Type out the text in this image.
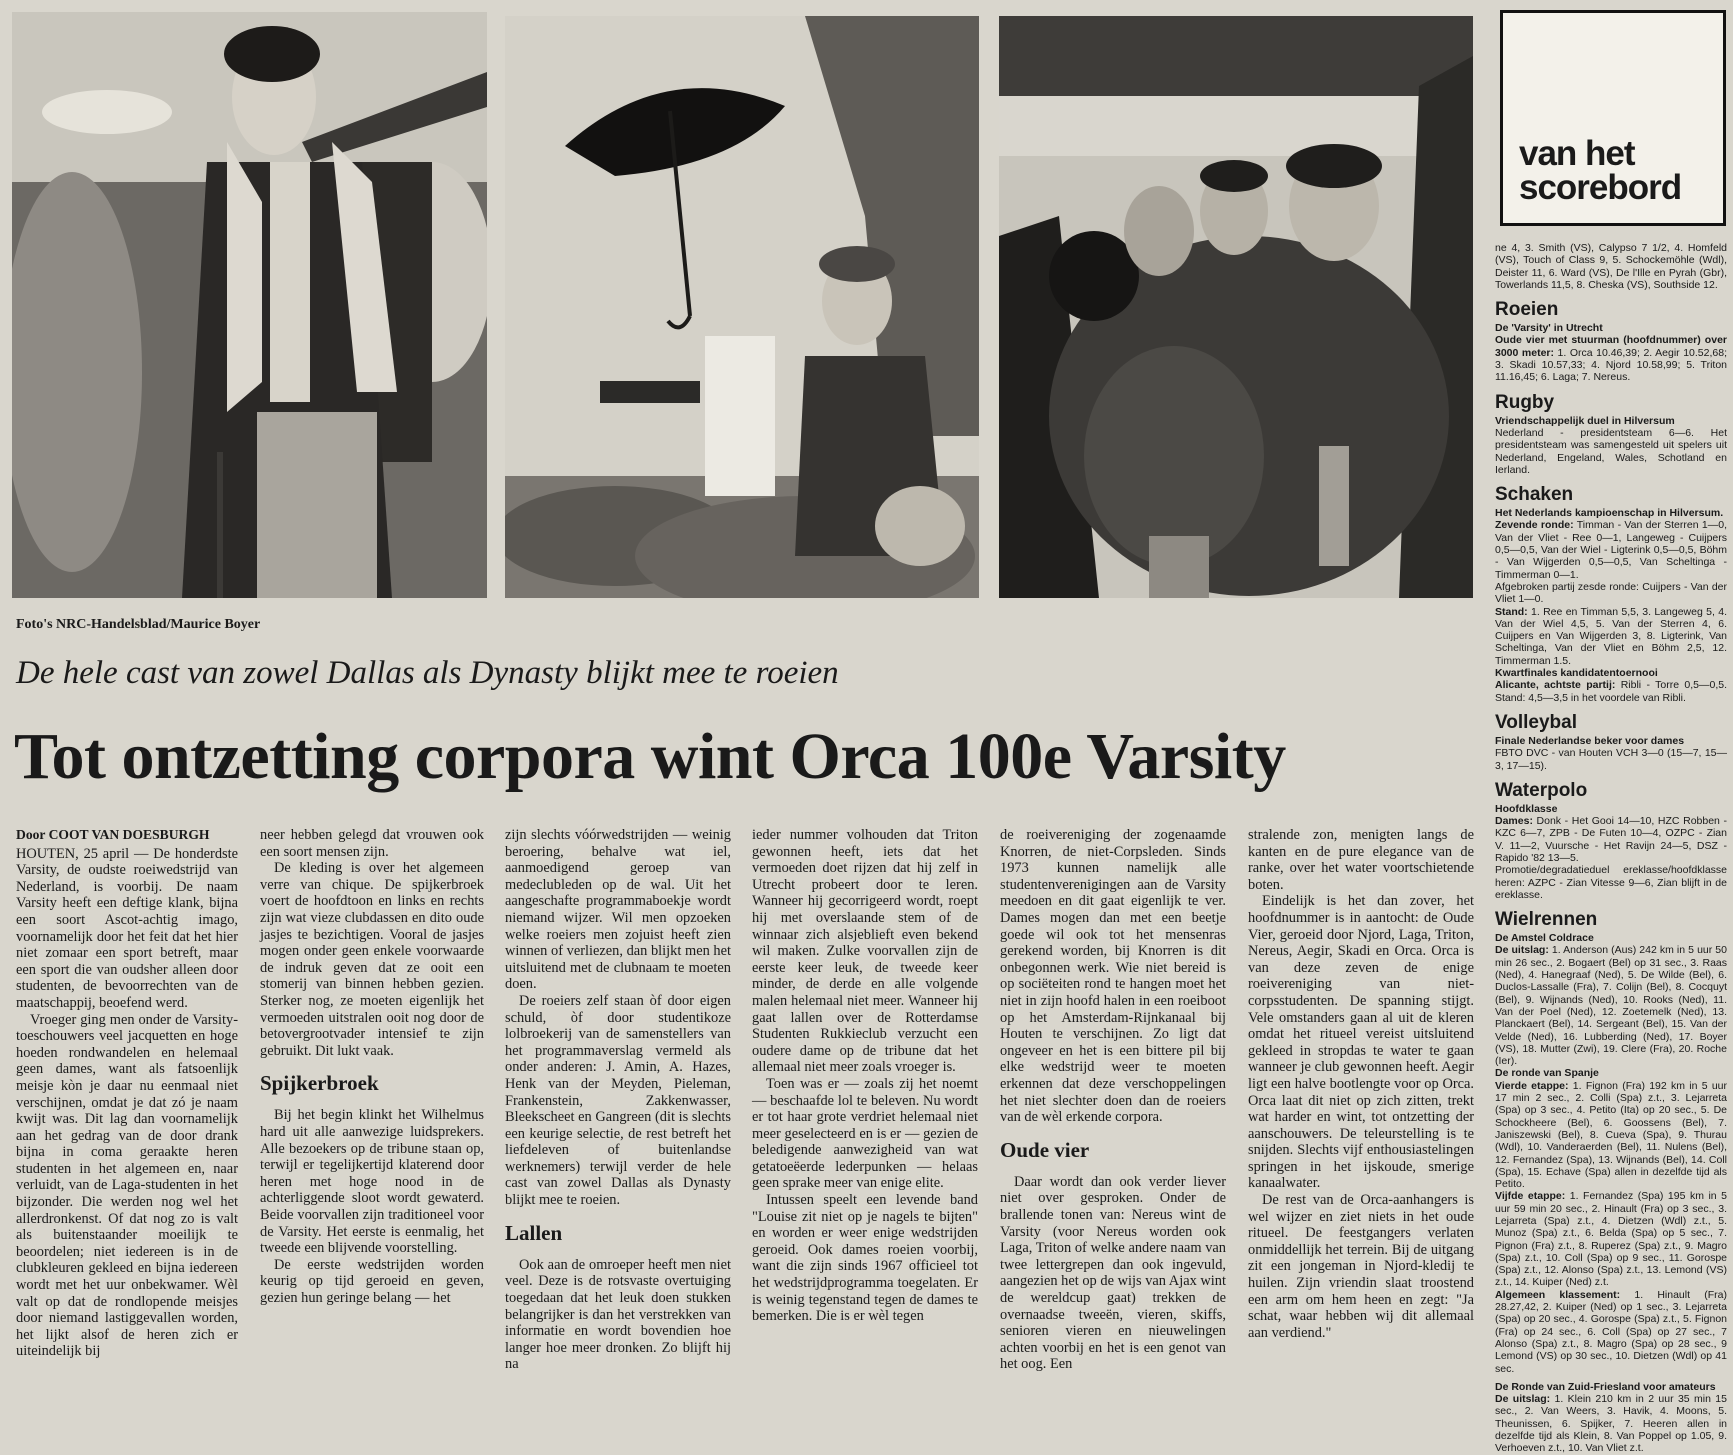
Foto's NRC-Handelsblad/Maurice Boyer
De hele cast van zowel Dallas als Dynasty blijkt mee te roeien
Tot ontzetting corpora wint Orca 100e Varsity

Door COOT VAN DOESBURGH

HOUTEN, 25 april — De honderdste Varsity, de oudste roeiwedstrijd van Nederland, is voorbij. De naam Varsity heeft een deftige klank, bijna een soort Ascot-achtig imago, voornamelijk door het feit dat het hier niet zomaar een sport betreft, maar een sport die van oudsher alleen door studenten, de bevoorrechten van de maatschappij, beoefend werd.

Vroeger ging men onder de Varsity-toeschouwers veel jacquetten en hoge hoeden rondwandelen en helemaal geen dames, want als fatsoenlijk meisje kòn je daar nu eenmaal niet verschijnen, omdat je dat zó je naam kwijt was. Dit lag dan voornamelijk aan het gedrag van de door drank bijna in coma geraakte heren studenten in het algemeen en, naar verluidt, van de Laga-studenten in het bijzonder. Die werden nog wel het allerdronkenst. Of dat nog zo is valt als buitenstaander moeilijk te beoordelen; niet iedereen is in de clubkleuren gekleed en bijna iedereen wordt met het uur onbekwamer. Wèl valt op dat de rondlopende meisjes door niemand lastiggevallen worden, het lijkt alsof de heren zich er uiteindelijk bij

neer hebben gelegd dat vrouwen ook een soort mensen zijn.

De kleding is over het algemeen verre van chique. De spijkerbroek voert de hoofdtoon en links en rechts zijn wat vieze clubdassen en dito oude jasjes te bezichtigen. Vooral de jasjes mogen onder geen enkele voorwaarde de indruk geven dat ze ooit een stomerij van binnen hebben gezien. Sterker nog, ze moeten eigenlijk het vermoeden uitstralen ooit nog door de betovergrootvader intensief te zijn gebruikt. Dit lukt vaak.

Spijkerbroek

Bij het begin klinkt het Wilhelmus hard uit alle aanwezige luidsprekers. Alle bezoekers op de tribune staan op, terwijl er tegelijkertijd klaterend door heren met hoge nood in de achterliggende sloot wordt gewaterd. Beide voorvallen zijn traditioneel voor de Varsity. Het eerste is eenmalig, het tweede een blijvende voorstelling.

De eerste wedstrijden worden keurig op tijd geroeid en geven, gezien hun geringe belang — het

zijn slechts vóórwedstrijden — weinig beroering, behalve wat iel, aanmoedigend geroep van medeclubleden op de wal. Uit het aangeschafte programmaboekje wordt niemand wijzer. Wil men opzoeken welke roeiers men zojuist heeft zien winnen of verliezen, dan blijkt men het uitsluitend met de clubnaam te moeten doen.

De roeiers zelf staan òf door eigen schuld, òf door studentikoze lolbroekerij van de samenstellers van het programmaverslag vermeld als onder anderen: J. Amin, A. Hazes, Henk van der Meyden, Pieleman, Frankenstein, Zakkenwasser, Bleekscheet en Gangreen (dit is slechts een keurige selectie, de rest betreft het liefdeleven of buitenlandse werknemers) terwijl verder de hele cast van zowel Dallas als Dynasty blijkt mee te roeien.

Lallen

Ook aan de omroeper heeft men niet veel. Deze is de rotsvaste overtuiging toegedaan dat het leuk doen stukken belangrijker is dan het verstrekken van informatie en wordt bovendien hoe langer hoe meer dronken. Zo blijft hij na

ieder nummer volhouden dat Triton gewonnen heeft, iets dat het vermoeden doet rijzen dat hij zelf in Utrecht probeert door te leren. Wanneer hij gecorrigeerd wordt, roept hij met overslaande stem of de winnaar zich alsjeblieft even bekend wil maken. Zulke voorvallen zijn de eerste keer leuk, de tweede keer minder, de derde en alle volgende malen helemaal niet meer. Wanneer hij gaat lallen over de Rotterdamse Studenten Rukkieclub verzucht een oudere dame op de tribune dat het allemaal niet meer zoals vroeger is.

Toen was er — zoals zij het noemt — beschaafde lol te beleven. Nu wordt er tot haar grote verdriet helemaal niet meer geselecteerd en is er — gezien de beledigende aanwezigheid van wat getatoeëerde lederpunken — helaas geen sprake meer van enige elite.

Intussen speelt een levende band "Louise zit niet op je nagels te bijten" en worden er weer enige wedstrijden geroeid. Ook dames roeien voorbij, want die zijn sinds 1967 officieel tot het wedstrijdprogramma toegelaten. Er is weinig tegenstand tegen de dames te bemerken. Die is er wèl tegen

de roeivereniging der zogenaamde Knorren, de niet-Corpsleden. Sinds 1973 kunnen namelijk alle studentenverenigingen aan de Varsity meedoen en dit gaat eigenlijk te ver. Dames mogen dan met een beetje goede wil ook tot het mensenras gerekend worden, bij Knorren is dit onbegonnen werk. Wie niet bereid is op sociëteiten rond te hangen moet het niet in zijn hoofd halen in een roeiboot op het Amsterdam-Rijnkanaal bij Houten te verschijnen. Zo ligt dat ongeveer en het is een bittere pil bij elke wedstrijd weer te moeten erkennen dat deze verschoppelingen het niet slechter doen dan de roeiers van de wèl erkende corpora.

Oude vier

Daar wordt dan ook verder liever niet over gesproken. Onder de brallende tonen van: Nereus wint de Varsity (voor Nereus worden ook Laga, Triton of welke andere naam van twee lettergrepen dan ook ingevuld, aangezien het op de wijs van Ajax wint de wereldcup gaat) trekken de overnaadse tweeën, vieren, skiffs, senioren vieren en nieuwelingen achten voorbij en het is een genot van het oog. Een

stralende zon, menigten langs de kanten en de pure elegance van de ranke, over het water voortschietende boten.

Eindelijk is het dan zover, het hoofdnummer is in aantocht: de Oude Vier, geroeid door Njord, Laga, Triton, Nereus, Aegir, Skadi en Orca. Orca is van deze zeven de enige roeivereniging van niet-corpsstudenten. De spanning stijgt. Vele omstanders gaan al uit de kleren omdat het ritueel vereist uitsluitend gekleed in stropdas te water te gaan wanneer je club gewonnen heeft. Aegir ligt een halve bootlengte voor op Orca. Orca laat dit niet op zich zitten, trekt wat harder en wint, tot ontzetting der aanschouwers. De teleurstelling is te snijden. Slechts vijf enthousiastelingen springen in het ijskoude, smerige kanaalwater.

De rest van de Orca-aanhangers is wel wijzer en ziet niets in het oude ritueel. De feestgangers verlaten onmiddellijk het terrein. Bij de uitgang zit een jongeman in Njord-kledij te huilen. Zijn vriendin slaat troostend een arm om hem heen en zegt: "Ja schat, waar hebben wij dit allemaal aan verdiend."

van het
scorebord

ne 4, 3. Smith (VS), Calypso 7 1/2, 4. Homfeld (VS), Touch of Class 9, 5. Schockemöhle (Wdl), Deister 11, 6. Ward (VS), De l'Ille en Pyrah (Gbr), Towerlands 11,5, 8. Cheska (VS), Southside 12.

Roeien

De 'Varsity' in Utrecht

Oude vier met stuurman (hoofdnummer) over 3000 meter: 1. Orca 10.46,39; 2. Aegir 10.52,68; 3. Skadi 10.57,33; 4. Njord 10.58,99; 5. Triton 11.16,45; 6. Laga; 7. Nereus.

Rugby

Vriendschappelijk duel in Hilversum

Nederland - presidentsteam 6—6. Het presidentsteam was samengesteld uit spelers uit Nederland, Engeland, Wales, Schotland en Ierland.

Schaken

Het Nederlands kampioenschap in Hilversum.

Zevende ronde: Timman - Van der Sterren 1—0, Van der Vliet - Ree 0—1, Langeweg - Cuijpers 0,5—0,5, Van der Wiel - Ligterink 0,5—0,5, Böhm - Van Wijgerden 0,5—0,5, Van Scheltinga - Timmerman 0—1.

Afgebroken partij zesde ronde: Cuijpers - Van der Vliet 1—0.

Stand: 1. Ree en Timman 5,5, 3. Langeweg 5, 4. Van der Wiel 4,5, 5. Van der Sterren 4, 6. Cuijpers en Van Wijgerden 3, 8. Ligterink, Van Scheltinga, Van der Vliet en Böhm 2,5, 12. Timmerman 1.5.

Kwartfinales kandidatentoernooi

Alicante, achtste partij: Ribli - Torre 0,5—0,5. Stand: 4,5—3,5 in het voordele van Ribli.

Volleybal

Finale Nederlandse beker voor dames

FBTO DVC - van Houten VCH 3—0 (15—7, 15—3, 17—15).

Waterpolo

Hoofdklasse

Dames: Donk - Het Gooi 14—10, HZC Robben - KZC 6—7, ZPB - De Futen 10—4, OZPC - Zian V. 11—2, Vuursche - Het Ravijn 24—5, DSZ - Rapido '82 13—5.

Promotie/degradatieduel ereklasse/hoofdklasse heren: AZPC - Zian Vitesse 9—6, Zian blijft in de ereklasse.

Wielrennen

De Amstel Coldrace

De uitslag: 1. Anderson (Aus) 242 km in 5 uur 50 min 26 sec., 2. Bogaert (Bel) op 31 sec., 3. Raas (Ned), 4. Hanegraaf (Ned), 5. De Wilde (Bel), 6. Duclos-Lassalle (Fra), 7. Colijn (Bel), 8. Cocquyt (Bel), 9. Wijnands (Ned), 10. Rooks (Ned), 11. Van der Poel (Ned), 12. Zoetemelk (Ned), 13. Planckaert (Bel), 14. Sergeant (Bel), 15. Van der Velde (Ned), 16. Lubberding (Ned), 17. Boyer (VS), 18. Mutter (Zwi), 19. Clere (Fra), 20. Roche (Ier).

De ronde van Spanje

Vierde etappe: 1. Fignon (Fra) 192 km in 5 uur 17 min 2 sec., 2. Colli (Spa) z.t., 3. Lejarreta (Spa) op 3 sec., 4. Petito (Ita) op 20 sec., 5. De Schockheere (Bel), 6. Goossens (Bel), 7. Janiszewski (Bel), 8. Cueva (Spa), 9. Thurau (Wdl), 10. Vanderaerden (Bel), 11. Nulens (Bel), 12. Fernandez (Spa), 13. Wijnands (Bel), 14. Coll (Spa), 15. Echave (Spa) allen in dezelfde tijd als Petito.

Vijfde etappe: 1. Fernandez (Spa) 195 km in 5 uur 59 min 20 sec., 2. Hinault (Fra) op 3 sec., 3. Lejarreta (Spa) z.t., 4. Dietzen (Wdl) z.t., 5. Munoz (Spa) z.t., 6. Belda (Spa) op 5 sec., 7. Pignon (Fra) z.t., 8. Ruperez (Spa) z.t., 9. Magro (Spa) z.t., 10. Coll (Spa) op 9 sec., 11. Gorospe (Spa) z.t., 12. Alonso (Spa) z.t., 13. Lemond (VS) z.t., 14. Kuiper (Ned) z.t.

Algemeen klassement: 1. Hinault (Fra) 28.27,42, 2. Kuiper (Ned) op 1 sec., 3. Lejarreta (Spa) op 20 sec., 4. Gorospe (Spa) z.t., 5. Fignon (Fra) op 24 sec., 6. Coll (Spa) op 27 sec., 7 Alonso (Spa) z.t., 8. Magro (Spa) op 28 sec., 9 Lemond (VS) op 30 sec., 10. Dietzen (Wdl) op 41 sec.

De Ronde van Zuid-Friesland voor amateurs

De uitslag: 1. Klein 210 km in 2 uur 35 min 15 sec., 2. Van Weers, 3. Havik, 4. Moons, 5. Theunissen, 6. Spijker, 7. Heeren allen in dezelfde tijd als Klein, 8. Van Poppel op 1.05, 9. Verhoeven z.t., 10. Van Vliet z.t.
